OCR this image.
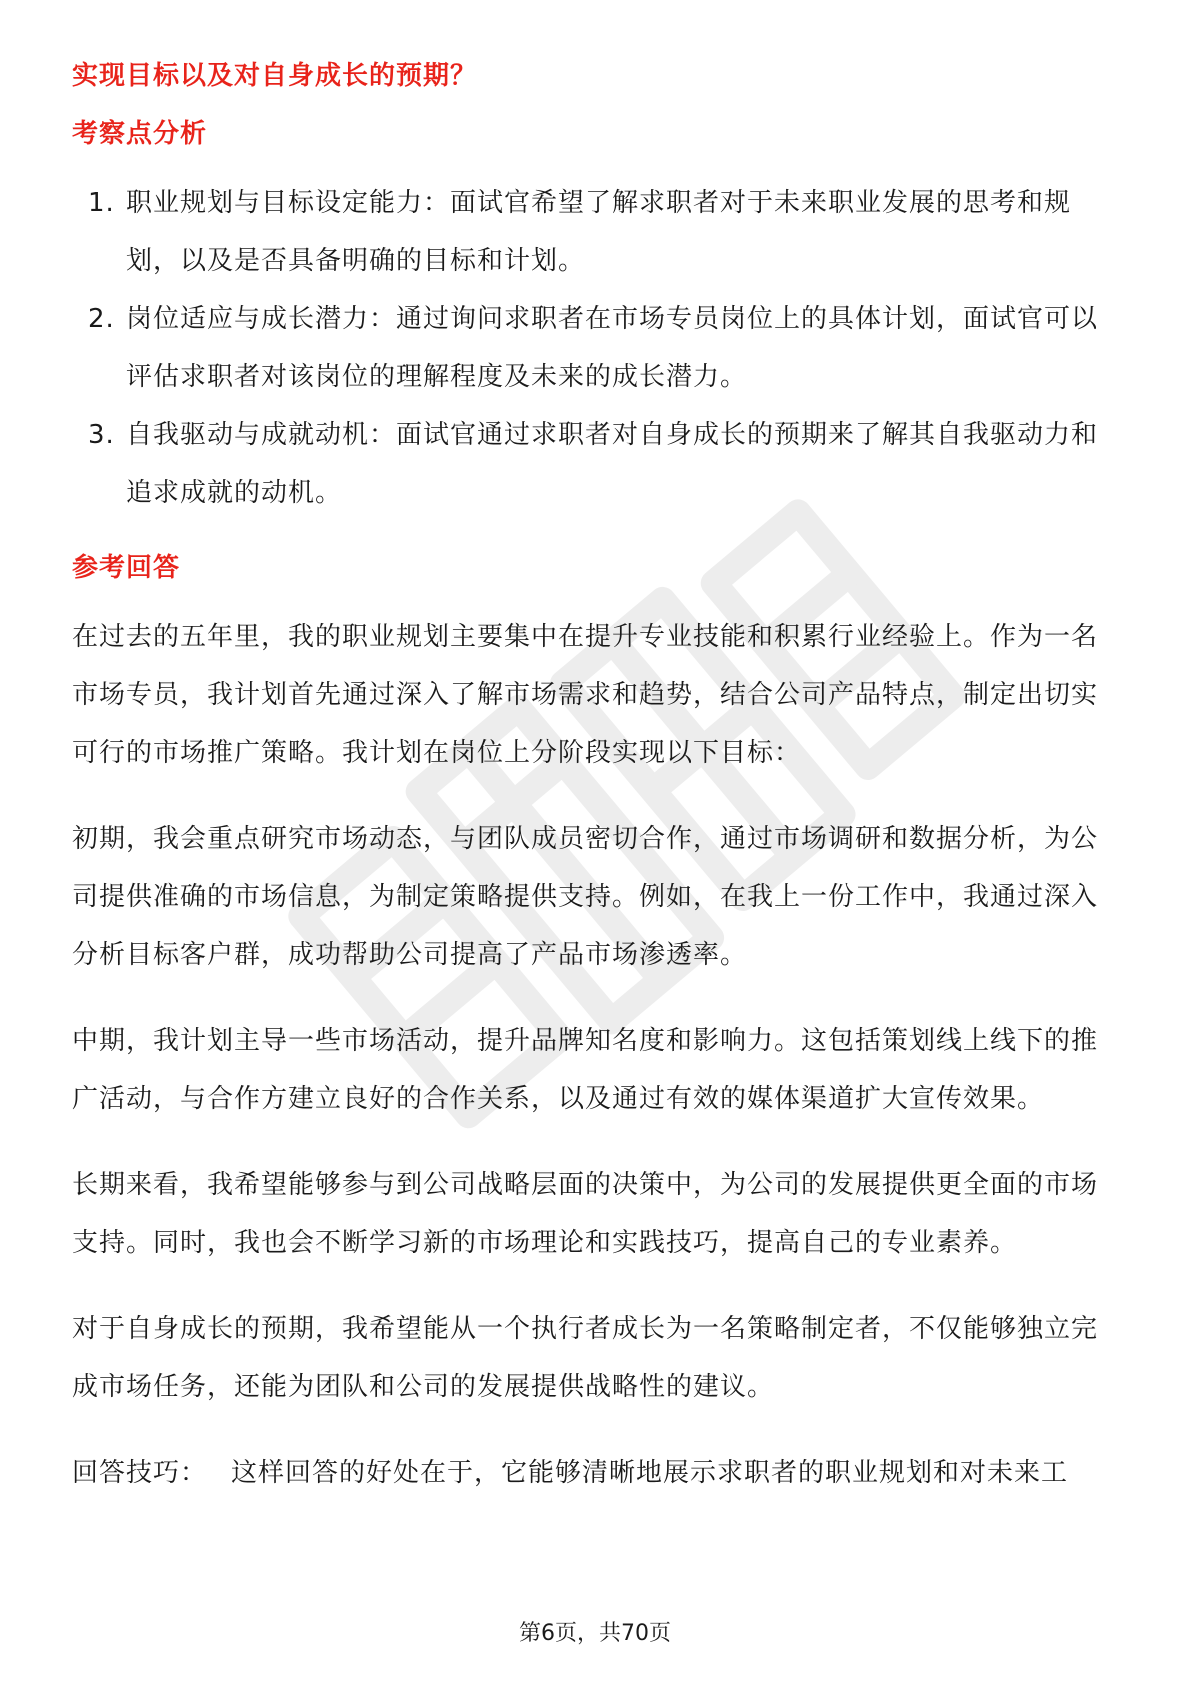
实现目标以及对自身成长的预期？
考察点分析
1. 职业规划与目标设定能力：面试官希望了解求职者对于未来职业发展的思考和规划，以及是否具备明确的目标和计划。
2. 岗位适应与成长潜力：通过询问求职者在市场专员岗位上的具体计划，面试官可以评估求职者对该岗位的理解程度及未来的成长潜力。
3. 自我驱动与成就动机：面试官通过求职者对自身成长的预期来了解其自我驱动力和追求成就的动机。
参考回答

在过去的五年里，我的职业规划主要集中在提升专业技能和积累行业经验上。作为一名市场专员，我计划首先通过深入了解市场需求和趋势，结合公司产品特点，制定出切实可行的市场推广策略。我计划在岗位上分阶段实现以下目标：

初期，我会重点研究市场动态，与团队成员密切合作，通过市场调研和数据分析，为公司提供准确的市场信息，为制定策略提供支持。例如，在我上一份工作中，我通过深入分析目标客户群，成功帮助公司提高了产品市场渗透率。

中期，我计划主导一些市场活动，提升品牌知名度和影响力。这包括策划线上线下的推广活动，与合作方建立良好的合作关系，以及通过有效的媒体渠道扩大宣传效果。

长期来看，我希望能够参与到公司战略层面的决策中，为公司的发展提供更全面的市场支持。同时，我也会不断学习新的市场理论和实践技巧，提高自己的专业素养。

对于自身成长的预期，我希望能从一个执行者成长为一名策略制定者，不仅能够独立完成市场任务，还能为团队和公司的发展提供战略性的建议。

回答技巧： 这样回答的好处在于，它能够清晰地展示求职者的职业规划和对未来工

第6页，共70页
